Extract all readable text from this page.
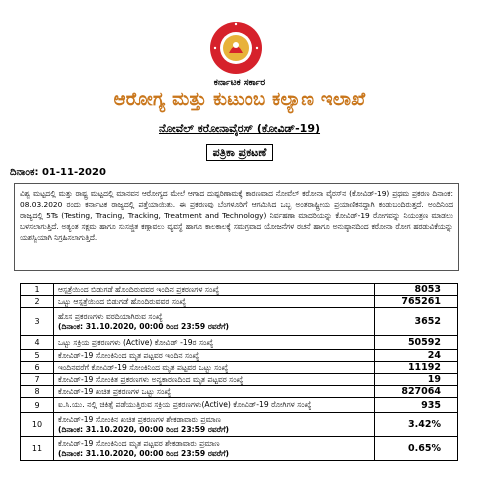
ಕರ್ನಾಟಕ ಸರ್ಕಾರ
ಆರೋಗ್ಯ ಮತ್ತು ಕುಟುಂಬ ಕಲ್ಯಾಣ ಇಲಾಖೆ
ನೋವೆಲ್ ಕರೋನಾವೈರಸ್ (ಕೋವಿಡ್-19)
ಪತ್ರಿಕಾ ಪ್ರಕಟಣೆ
ದಿನಾಂಕ: 01-11-2020
ವಿಶ್ವ ಮಟ್ಟದಲ್ಲಿ ಮತ್ತು ರಾಷ್ಟ್ರ ಮಟ್ಟದಲ್ಲಿ ಮಾನವನ ಆರೋಗ್ಯದ ಮೇಲೆ ಆಗಾದ ದುಷ್ಪರಿಣಾಮಕ್ಕೆ ಕಾರಣವಾದ ನೋವೆಲ್ ಕರೋನಾ ವೈರಸ್‌ನ (ಕೋವಿಡ್-19) ಪ್ರಥಮ ಪ್ರಕರಣ ದಿನಾಂಕ: 08.03.2020 ರಂದು ಕರ್ನಾಟಕ ರಾಜ್ಯದಲ್ಲಿ ಪತ್ತೆಯಾಯಿತು. ಈ ಪ್ರಕರಣವು ಬೆಂಗಳೂರಿಗೆ ಆಗಮಿಸಿದ ಒಬ್ಬ ಅಂತರಾಷ್ಟ್ರೀಯ ಪ್ರಯಾಣಿಕನದ್ದಾಗಿ ಕಂಡುಬಂದಿರುತ್ತದೆ. ಅಂದಿನಿಂದ ರಾಜ್ಯದಲ್ಲಿ 5Ts (Testing, Tracing, Tracking, Treatment and Technology) ನಿರ್ವಹಣಾ ಮಾದರಿಯನ್ನು ಕೋವಿಡ್-19 ರೋಗವನ್ನು ನಿಯಂತ್ರಣ ಮಾಡಲು ಬಳಸಲಾಗುತ್ತಿದೆ. ಅತ್ಯಂತ ಸಕ್ಷಮ ಹಾಗೂ ಸುಸಜ್ಜಿತ ಕಣ್ಗಾವಲು ವ್ಯವಸ್ಥೆ ಹಾಗೂ ಕಾಲಕಾಲಕ್ಕೆ ಸಮಗ್ರವಾದ ಯೋಜನೆಗಳ ರಚನೆ ಹಾಗೂ ಅನುಷ್ಠಾನದಿಂದ ಕರೋನಾ ರೋಗ ಹರಡುವಿಕೆಯನ್ನು ಯಶಸ್ವಿಯಾಗಿ ನಿಗ್ರಹಿಸಲಾಗುತ್ತಿದೆ.
1	ಆಸ್ಪತ್ರೆಯಿಂದ ಬಿಡುಗಡೆ ಹೊಂದಿರುವವರ ಇಂದಿನ ಪ್ರಕರಣಗಳ ಸಂಖ್ಯೆ	8053
2	ಒಟ್ಟು ಆಸ್ಪತ್ರೆಯಿಂದ ಬಿಡುಗಡೆ ಹೊಂದಿರುವವರ ಸಂಖ್ಯೆ	765261
3	ಹೊಸ ಪ್ರಕರಣಗಳು ವರದಿಯಾಗಿರುವ ಸಂಖ್ಯೆ
(ದಿನಾಂಕ: 31.10.2020, 00:00 ರಿಂದ 23:59 ರವರೆಗೆ)	3652
4	ಒಟ್ಟು ಸಕ್ರಿಯ ಪ್ರಕರಣಗಳು (Active) ಕೋವಿಡ್ -19ರ ಸಂಖ್ಯೆ	50592
5	ಕೋವಿಡ್-19 ಸೋಂಕಿನಿಂದ ಮೃತ ಪಟ್ಟವರ ಇಂದಿನ ಸಂಖ್ಯೆ	24
6	ಇಂದಿನವರೆಗೆ ಕೋವಿಡ್-19 ಸೋಂಕಿನಿಂದ ಮೃತ ಪಟ್ಟವರ ಒಟ್ಟು ಸಂಖ್ಯೆ	11192
7	ಕೋವಿಡ್-19 ಸೋಂಕಿತ ಪ್ರಕರಣಗಳು ಅನ್ಯಕಾರಣದಿಂದ ಮೃತ ಪಟ್ಟವರ ಸಂಖ್ಯೆ	19
8	ಕೋವಿಡ್-19 ಖಚಿತ ಪ್ರಕರಣಗಳ ಒಟ್ಟು ಸಂಖ್ಯೆ	827064
9	ಐ.ಸಿ.ಯು. ನಲ್ಲಿ ಚಿಕಿತ್ಸೆ ಪಡೆಯುತ್ತಿರುವ ಸಕ್ರಿಯ ಪ್ರಕರಣಗಳು(Active) ಕೋವಿಡ್-19 ರೋಗಿಗಳ ಸಂಖ್ಯೆ	935
10	ಕೋವಿಡ್-19 ಸೋಂಕಿನ ಖಚಿತ ಪ್ರಕರಣಗಳ ಶೇಕಡಾವಾರು ಪ್ರಮಾಣ
(ದಿನಾಂಕ: 31.10.2020, 00:00 ರಿಂದ 23:59 ರವರೆಗೆ)	3.42%
11	ಕೋವಿಡ್-19 ಸೋಂಕಿನಿಂದ ಮೃತ ಪಟ್ಟವರ ಶೇಕಡಾವಾರು ಪ್ರಮಾಣ
(ದಿನಾಂಕ: 31.10.2020, 00:00 ರಿಂದ 23:59 ರವರೆಗೆ)	0.65%
